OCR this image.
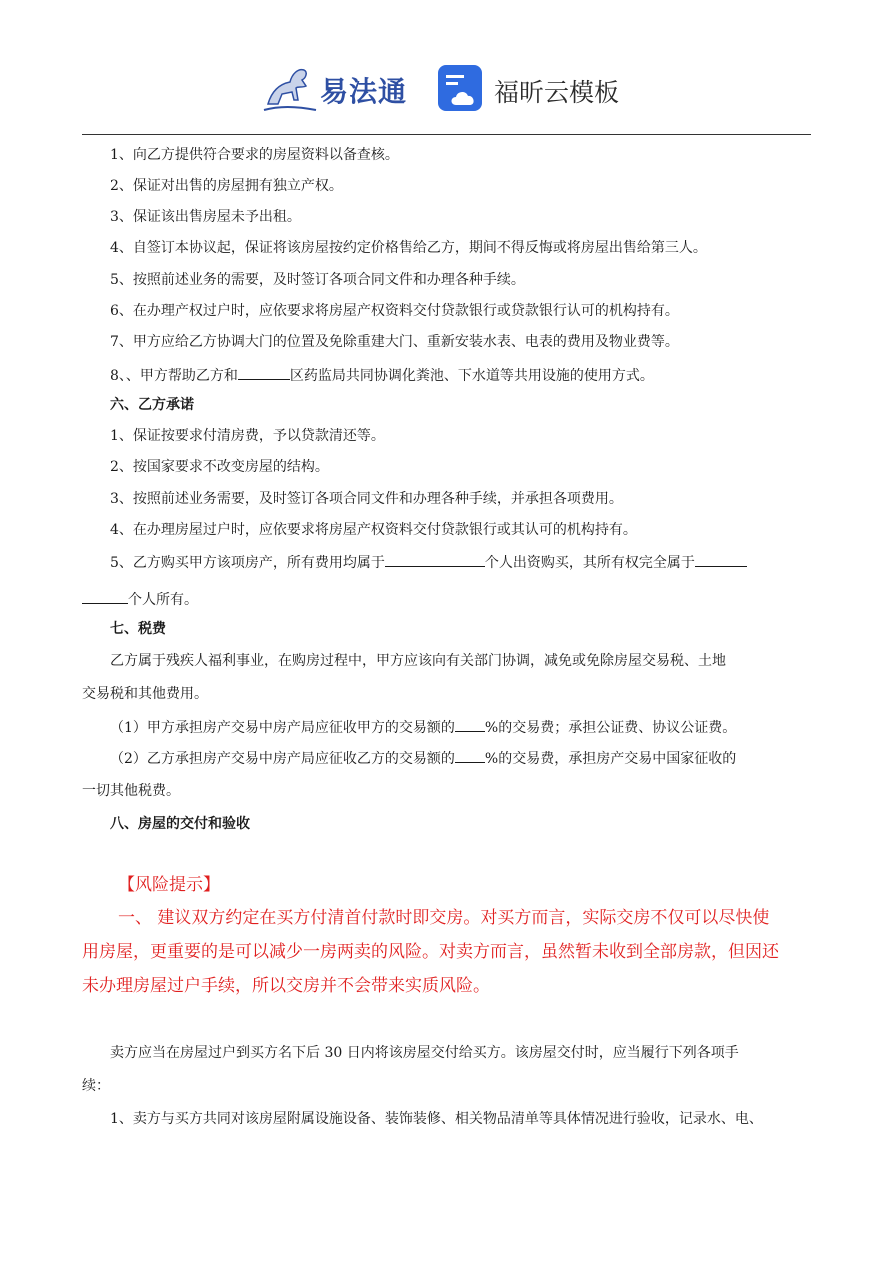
易法通	福昕云模板
1、向乙方提供符合要求的房屋资料以备查核。
2、保证对出售的房屋拥有独立产权。
3、保证该出售房屋未予出租。
4、自签订本协议起，保证将该房屋按约定价格售给乙方，期间不得反悔或将房屋出售给第三人。
5、按照前述业务的需要，及时签订各项合同文件和办理各种手续。
6、在办理产权过户时，应依要求将房屋产权资料交付贷款银行或贷款银行认可的机构持有。
7、甲方应给乙方协调大门的位置及免除重建大门、重新安装水表、电表的费用及物业费等。
8、、甲方帮助乙方和	区药监局共同协调化粪池、下水道等共用设施的使用方式。
六、乙方承诺
1、保证按要求付清房费，予以贷款清还等。
2、按国家要求不改变房屋的结构。
3、按照前述业务需要，及时签订各项合同文件和办理各种手续，并承担各项费用。
4、在办理房屋过户时，应依要求将房屋产权资料交付贷款银行或其认可的机构持有。
5、乙方购买甲方该项房产，所有费用均属于	个人出资购买，其所有权完全属于
个人所有。
七、税费
乙方属于残疾人福利事业，在购房过程中，甲方应该向有关部门协调，减免或免除房屋交易税、土地
交易税和其他费用。
（1）甲方承担房产交易中房产局应征收甲方的交易额的 %的交易费；承担公证费、协议公证费。
（2）乙方承担房产交易中房产局应征收乙方的交易额的 %的交易费，承担房产交易中国家征收的
一切其他税费。
八、房屋的交付和验收
【风险提示】
一、 建议双方约定在买方付清首付款时即交房。对买方而言，实际交房不仅可以尽快使
用房屋，更重要的是可以减少一房两卖的风险。对卖方而言，虽然暂未收到全部房款，但因还
未办理房屋过户手续，所以交房并不会带来实质风险。
卖方应当在房屋过户到买方名下后 30 日内将该房屋交付给买方。该房屋交付时，应当履行下列各项手
续：
1、卖方与买方共同对该房屋附属设施设备、装饰装修、相关物品清单等具体情况进行验收，记录水、电、
